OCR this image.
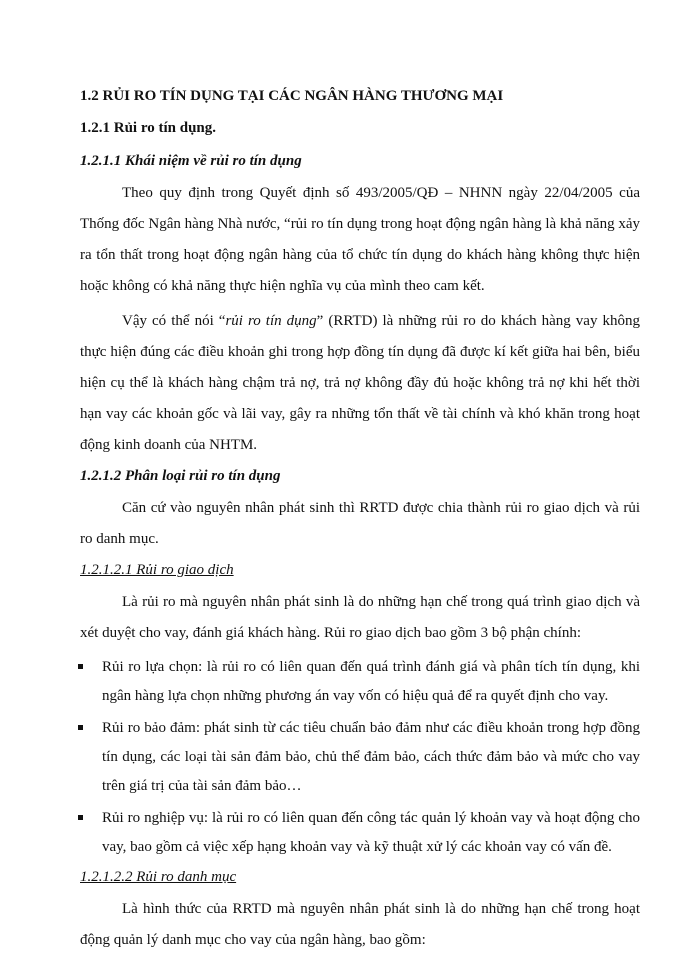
1.2 RỦI RO TÍN DỤNG TẠI CÁC NGÂN HÀNG THƯƠNG MẠI
1.2.1 Rủi ro tín dụng.
1.2.1.1 Khái niệm về rủi ro tín dụng

Theo quy định trong Quyết định số 493/2005/QĐ – NHNN ngày 22/04/2005 của Thống đốc Ngân hàng Nhà nước, “rủi ro tín dụng trong hoạt động ngân hàng là khả năng xảy ra tổn thất trong hoạt động ngân hàng của tổ chức tín dụng do khách hàng không thực hiện hoặc không có khả năng thực hiện nghĩa vụ của mình theo cam kết.

Vậy có thể nói “rủi ro tín dụng” (RRTD) là những rủi ro do khách hàng vay không thực hiện đúng các điều khoản ghi trong hợp đồng tín dụng đã được kí kết giữa hai bên, biểu hiện cụ thể là khách hàng chậm trả nợ, trả nợ không đầy đủ hoặc không trả nợ khi hết thời hạn vay các khoản gốc và lãi vay, gây ra những tổn thất về tài chính và khó khăn trong hoạt động kinh doanh của NHTM.

1.2.1.2 Phân loại rủi ro tín dụng

Căn cứ vào nguyên nhân phát sinh thì RRTD được chia thành rủi ro giao dịch và rủi ro danh mục.

1.2.1.2.1 Rủi ro giao dịch

Là rủi ro mà nguyên nhân phát sinh là do những hạn chế trong quá trình giao dịch và xét duyệt cho vay, đánh giá khách hàng. Rủi ro giao dịch bao gồm 3 bộ phận chính:

Rủi ro lựa chọn: là rủi ro có liên quan đến quá trình đánh giá và phân tích tín dụng, khi ngân hàng lựa chọn những phương án vay vốn có hiệu quả để ra quyết định cho vay.
Rủi ro bảo đảm: phát sinh từ các tiêu chuẩn bảo đảm như các điều khoản trong hợp đồng tín dụng, các loại tài sản đảm bảo, chủ thể đảm bảo, cách thức đảm bảo và mức cho vay trên giá trị của tài sản đảm bảo…
Rủi ro nghiệp vụ: là rủi ro có liên quan đến công tác quản lý khoản vay và hoạt động cho vay, bao gồm cả việc xếp hạng khoản vay và kỹ thuật xử lý các khoản vay có vấn đề.
1.2.1.2.2 Rủi ro danh mục

Là hình thức của RRTD mà nguyên nhân phát sinh là do những hạn chế trong hoạt động quản lý danh mục cho vay của ngân hàng, bao gồm:
